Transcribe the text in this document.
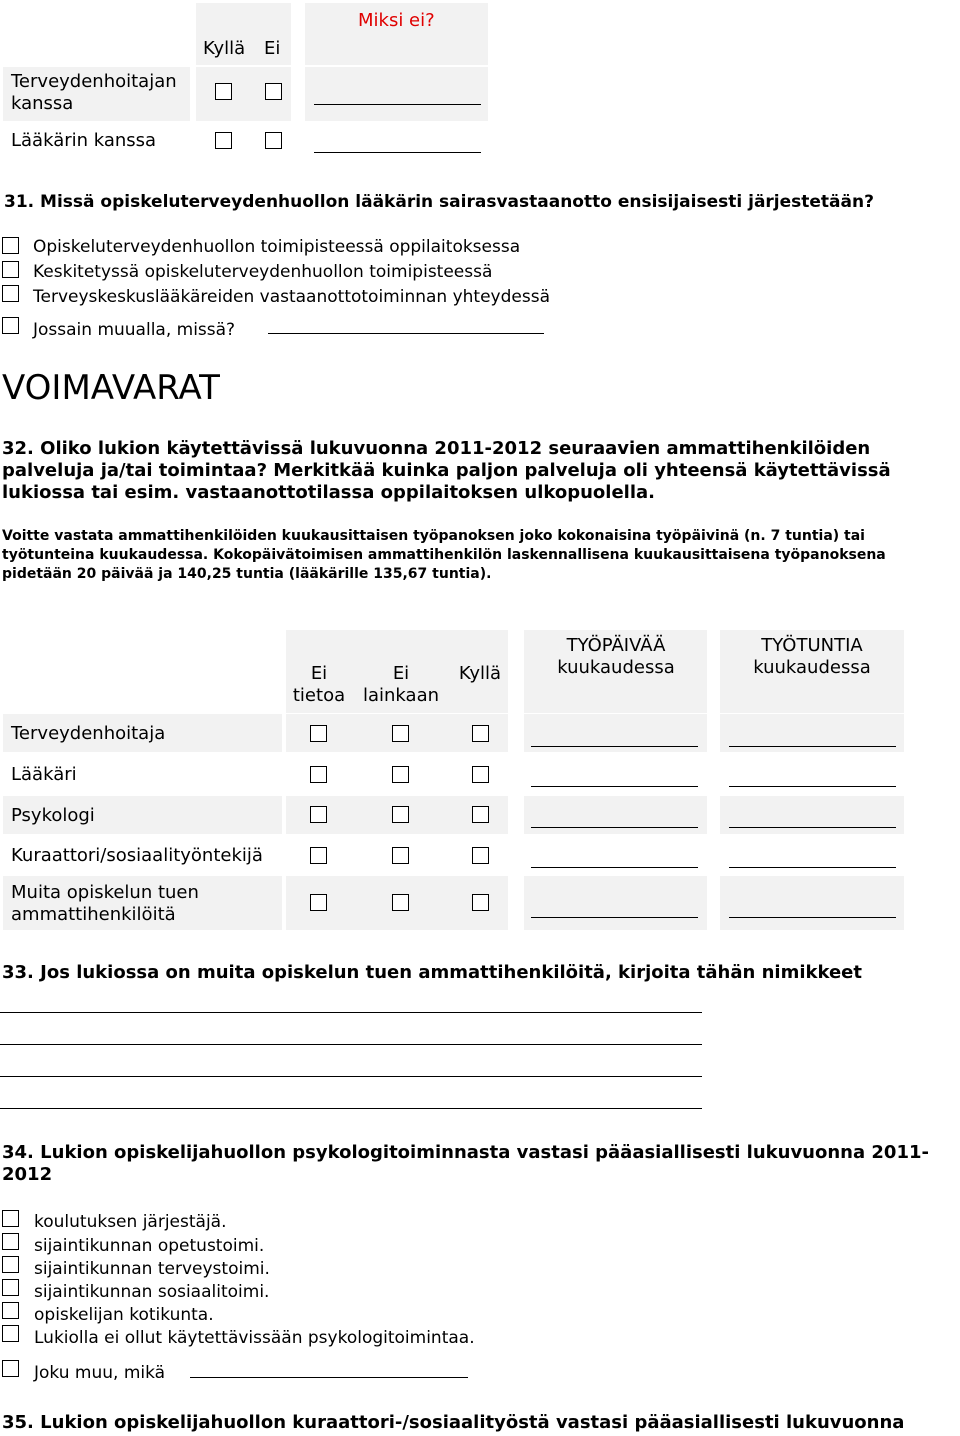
Kyllä Ei
Miksi ei?
Terveydenhoitajan kanssa
Lääkärin kanssa
31. Missä opiskeluterveydenhuollon lääkärin sairasvastaanotto ensisijaisesti järjestetään?
Opiskeluterveydenhuollon toimipisteessä oppilaitoksessa
Keskitetyssä opiskeluterveydenhuollon toimipisteessä
Terveyskeskuslääkäreiden vastaanottotoiminnan yhteydessä
Jossain muualla, missä?
VOIMAVARAT
32. Oliko lukion käytettävissä lukuvuonna 2011-2012 seuraavien ammattihenkilöiden palveluja ja/tai toimintaa? Merkitkää kuinka paljon palveluja oli yhteensä käytettävissä lukiossa tai esim. vastaanottotilassa oppilaitoksen ulkopuolella.
Voitte vastata ammattihenkilöiden kuukausittaisen työpanoksen joko kokonaisina työpäivinä (n. 7 tuntia) tai työtunteina kuukaudessa. Kokopäivätoimisen ammattihenkilön laskennallisena kuukausittaisena työpanoksena pidetään 20 päivää ja 140,25 tuntia (lääkärille 135,67 tuntia).
Ei tietoa
Ei lainkaan
Kyllä
TYÖPÄIVÄÄ kuukaudessa
TYÖTUNTIA kuukaudessa
Terveydenhoitaja
Lääkäri
Psykologi
Kuraattori/sosiaalityöntekijä
Muita opiskelun tuen ammattihenkilöitä
33. Jos lukiossa on muita opiskelun tuen ammattihenkilöitä, kirjoita tähän nimikkeet
34. Lukion opiskelijahuollon psykologitoiminnasta vastasi pääasiallisesti lukuvuonna 2011-2012
koulutuksen järjestäjä.
sijaintikunnan opetustoimi.
sijaintikunnan terveystoimi.
sijaintikunnan sosiaalitoimi.
opiskelijan kotikunta.
Lukiolla ei ollut käytettävissään psykologitoimintaa.
Joku muu, mikä
35. Lukion opiskelijahuollon kuraattori-/sosiaalityöstä vastasi pääasiallisesti lukuvuonna
